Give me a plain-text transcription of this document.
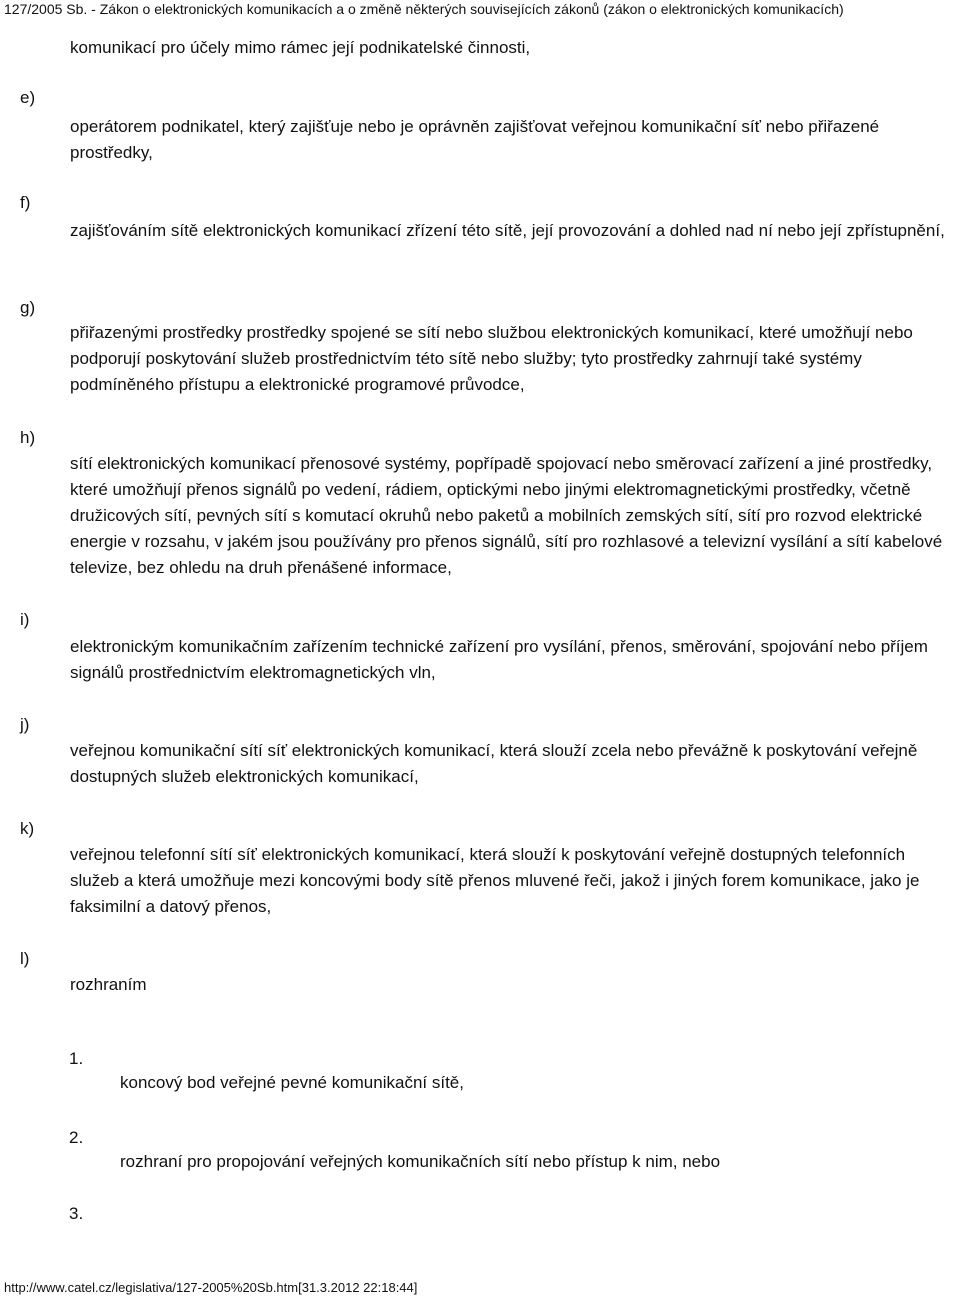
127/2005 Sb. - Zákon o elektronických komunikacích a o změně některých souvisejících zákonů (zákon o elektronických komunikacích)
komunikací pro účely mimo rámec její podnikatelské činnosti,
e)
operátorem podnikatel, který zajišťuje nebo je oprávněn zajišťovat veřejnou komunikační síť nebo přiřazené prostředky,
f)
zajišťováním sítě elektronických komunikací zřízení této sítě, její provozování a dohled nad ní nebo její zpřístupnění,
g)
přiřazenými prostředky prostředky spojené se sítí nebo službou elektronických komunikací, které umožňují nebo podporují poskytování služeb prostřednictvím této sítě nebo služby; tyto prostředky zahrnují také systémy podmíněného přístupu a elektronické programové průvodce,
h)
sítí elektronických komunikací přenosové systémy, popřípadě spojovací nebo směrovací zařízení a jiné prostředky, které umožňují přenos signálů po vedení, rádiem, optickými nebo jinými elektromagnetickými prostředky, včetně družicových sítí, pevných sítí s komutací okruhů nebo paketů a mobilních zemských sítí, sítí pro rozvod elektrické energie v rozsahu, v jakém jsou používány pro přenos signálů, sítí pro rozhlasové a televizní vysílání a sítí kabelové televize, bez ohledu na druh přenášené informace,
i)
elektronickým komunikačním zařízením technické zařízení pro vysílání, přenos, směrování, spojování nebo příjem signálů prostřednictvím elektromagnetických vln,
j)
veřejnou komunikační sítí síť elektronických komunikací, která slouží zcela nebo převážně k poskytování veřejně dostupných služeb elektronických komunikací,
k)
veřejnou telefonní sítí síť elektronických komunikací, která slouží k poskytování veřejně dostupných telefonních služeb a která umožňuje mezi koncovými body sítě přenos mluvené řeči, jakož i jiných forem komunikace, jako je faksimilní a datový přenos,
l)
rozhraním
1.
koncový bod veřejné pevné komunikační sítě,
2.
rozhraní pro propojování veřejných komunikačních sítí nebo přístup k nim, nebo
3.
http://www.catel.cz/legislativa/127-2005%20Sb.htm[31.3.2012 22:18:44]
